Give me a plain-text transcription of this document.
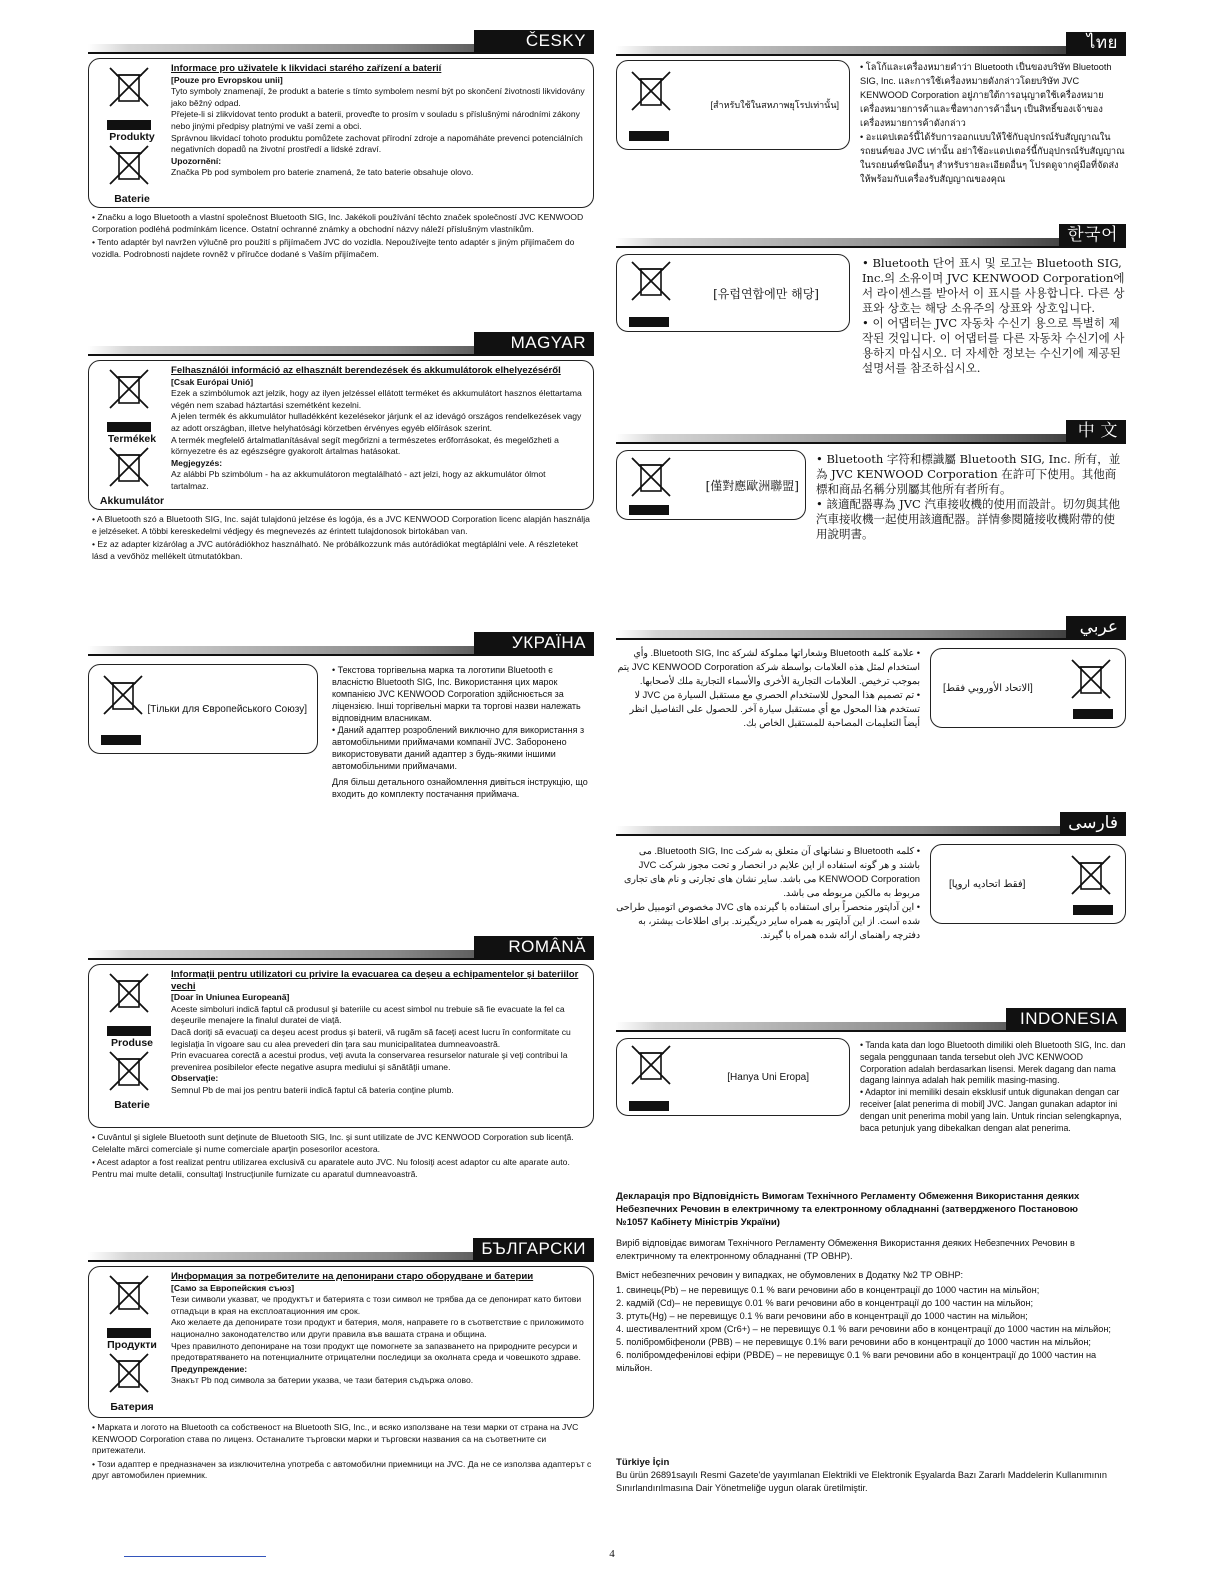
ČESKY
Produkty
Baterie
Informace pro uživatele k likvidaci starého zařízení a baterií
[Pouze pro Evropskou unii]
Tyto symboly znamenají, že produkt a baterie s tímto symbolem nesmí být po skončení životnosti likvidovány jako běžný odpad.
Přejete-li si zlikvidovat tento produkt a baterii, proveďte to prosím v souladu s příslušnými národními zákony nebo jinými předpisy platnými ve vaší zemi a obci.
Správnou likvidací tohoto produktu pomůžete zachovat přírodní zdroje a napomáháte prevenci potenciálních negativních dopadů na životní prostředí a lidské zdraví.
Upozornění:
Značka Pb pod symbolem pro baterie znamená, že tato baterie obsahuje olovo.
• Značku a logo Bluetooth a vlastní společnost Bluetooth SIG, Inc. Jakékoli používání těchto značek společností JVC KENWOOD Corporation podléhá podmínkám licence. Ostatní ochranné známky a obchodní názvy náleží příslušným vlastníkům.
• Tento adaptér byl navržen výlučně pro použití s přijímačem JVC do vozidla. Nepoužívejte tento adaptér s jiným přijímačem do vozidla. Podrobnosti najdete rovněž v příručce dodané s Vaším přijímačem.
MAGYAR
Termékek
Akkumulátor
Felhasználói információ az elhasznált berendezések és akkumulátorok elhelyezéséről
[Csak Európai Unió]
Ezek a szimbólumok azt jelzik, hogy az ilyen jelzéssel ellátott terméket és akkumulátort hasznos élettartama végén nem szabad háztartási szemétként kezelni.
A jelen termék és akkumulátor hulladékként kezelésekor járjunk el az idevágó országos rendelkezések vagy az adott országban, illetve helyhatósági körzetben érvényes egyéb előírások szerint.
A termék megfelelő ártalmatlanításával segít megőrizni a természetes erőforrásokat, és megelőzheti a környezetre és az egészségre gyakorolt ártalmas hatásokat.
Megjegyzés:
Az alábbi Pb szimbólum - ha az akkumulátoron megtalálható - azt jelzi, hogy az akkumulátor ólmot tartalmaz.
• A Bluetooth szó a Bluetooth SIG, Inc. saját tulajdonú jelzése és logója, és a JVC KENWOOD Corporation licenc alapján használja e jelzéseket. A többi kereskedelmi védjegy és megnevezés az érintett tulajdonosok birtokában van.
• Ez az adapter kizárólag a JVC autórádiókhoz használható. Ne próbálkozzunk más autórádiókat megtáplálni vele. A részleteket lásd a vevőhöz mellékelt útmutatókban.
УКРАЇНА
[Тільки для Європейського Союзу]
• Текстова торгівельна марка та логотипи Bluetooth є власністю Bluetooth SIG, Inc. Використання цих марок компанією JVC KENWOOD Corporation здійснюється за ліцензією. Інші торгівельні марки та торгові назви належать відповідним власникам.
• Даний адаптер розроблений виключно для використання з автомобільними приймачами компанії JVC. Заборонено використовувати даний адаптер з будь-якими іншими автомобільними приймачами.
Для більш детального ознайомлення дивіться інструкцію, що входить до комплекту постачання приймача.
ROMÂNĂ
Produse
Baterie
Informaţii pentru utilizatori cu privire la evacuarea ca deşeu a echipamentelor şi bateriilor vechi
[Doar în Uniunea Europeană]
Aceste simboluri indică faptul că produsul şi bateriile cu acest simbol nu trebuie să fie evacuate la fel ca deşeurile menajere la finalul duratei de viaţă.
Dacă doriţi să evacuaţi ca deşeu acest produs şi baterii, vă rugăm să faceţi acest lucru în conformitate cu legislaţia în vigoare sau cu alea prevederi din ţara sau municipalitatea dumneavoastră.
Prin evacuarea corectă a acestui produs, veţi avuta la conservarea resurselor naturale şi veţi contribui la prevenirea posibilelor efecte negative asupra mediului şi sănătăţii umane.
Observaţie:
Semnul Pb de mai jos pentru baterii indică faptul că bateria conţine plumb.
• Cuvântul şi siglele Bluetooth sunt deţinute de Bluetooth SIG, Inc. şi sunt utilizate de JVC KENWOOD Corporation sub licenţă. Celelalte mărci comerciale şi nume comerciale aparţin posesorilor acestora.
• Acest adaptor a fost realizat pentru utilizarea exclusivă cu aparatele auto JVC. Nu folosiţi acest adaptor cu alte aparate auto. Pentru mai multe detalii, consultaţi Instrucţiunile furnizate cu aparatul dumneavoastră.
БЪЛГАРСКИ
Продукти
Батерия
Информация за потребителите на депонирани старо оборудване и батерии
[Само за Европейския съюз]
Тези символи указват, че продуктът и батерията с този символ не трябва да се депонират като битови отпадъци в края на експлоатационния им срок.
Ако желаете да депонирате този продукт и батерия, моля, направете го в съответствие с приложимото национално законодателство или други правила във вашата страна и община.
Чрез правилното депониране на този продукт ще помогнете за запазването на природните ресурси и предотвратяването на потенциалните отрицателни последици за околната среда и човешкото здраве.
Предупреждение:
Знакът Pb под символа за батерии указва, че тази батерия съдържа олово.
• Марката и логото на Bluetooth са собственост на Bluetooth SIG, Inc., и всяко използване на тези марки от страна на JVC KENWOOD Corporation става по лиценз. Останалите търговски марки и търговски названия са на съответните си притежатели.
• Този адаптер е предназначен за изключителна употреба с автомобилни приемници на JVC. Да не се използва адаптерът с друг автомобилен приемник.
ไทย
[สำหรับใช้ในสหภาพยุโรปเท่านั้น]
• โลโก้และเครื่องหมายคำว่า Bluetooth เป็นของบริษัท Bluetooth SIG, Inc. และการใช้เครื่องหมายดังกล่าวโดยบริษัท JVC KENWOOD Corporation อยู่ภายใต้การอนุญาตใช้เครื่องหมาย เครื่องหมายการค้าและชื่อทางการค้าอื่นๆ เป็นสิทธิ์ของเจ้าของเครื่องหมายการค้าดังกล่าว
• อะแดปเตอร์นี้ได้รับการออกแบบให้ใช้กับอุปกรณ์รับสัญญาณในรถยนต์ของ JVC เท่านั้น อย่าใช้อะแดปเตอร์นี้กับอุปกรณ์รับสัญญาณในรถยนต์ชนิดอื่นๆ สำหรับรายละเอียดอื่นๆ โปรดดูจากคู่มือที่จัดส่งให้พร้อมกับเครื่องรับสัญญาณของคุณ
한국어
[유럽연합에만 해당]
• Bluetooth 단어 표시 및 로고는 Bluetooth SIG, Inc.의 소유이며 JVC KENWOOD Corporation에서 라이센스를 받아서 이 표시를 사용합니다. 다른 상표와 상호는 해당 소유주의 상표와 상호입니다.
• 이 어댑터는 JVC 자동차 수신기 용으로 특별히 제작된 것입니다. 이 어댑터를 다른 자동차 수신기에 사용하지 마십시오. 더 자세한 정보는 수신기에 제공된 설명서를 참조하십시오.
中 文
[僅對應歐洲聯盟]
• Bluetooth 字符和標識屬 Bluetooth SIG, Inc. 所有，並為 JVC KENWOOD Corporation 在許可下使用。其他商標和商品名稱分別屬其他所有者所有。
• 該適配器專為 JVC 汽車接收機的使用而設計。切勿與其他汽車接收機一起使用該適配器。詳情參閱隨接收機附帶的使用說明書。
عربي
• علامة كلمة Bluetooth وشعاراتها مملوكة لشركة Bluetooth SIG, Inc. وأي استخدام لمثل هذه العلامات بواسطة شركة JVC KENWOOD Corporation يتم بموجب ترخيص. العلامات التجارية الأخرى والأسماء التجارية ملك لأصحابها.
• تم تصميم هذا المحول للاستخدام الحصري مع مستقبل السيارة من JVC لا تستخدم هذا المحول مع أي مستقبل سيارة آخر. للحصول على التفاصيل انظر أيضاً التعليمات المصاحبة للمستقبل الخاص بك.
[الاتحاد الأوروبي فقط]
فارسی
• کلمه Bluetooth و نشانهای آن متعلق به شرکت Bluetooth SIG, Inc. می باشند و هر گونه استفاده از این علایم در انحصار و تحت مجوز شرکت JVC KENWOOD Corporation می باشد. سایر نشان های تجارتی و نام های تجاری مربوط به مالکین مربوطه می باشد.
• این آداپتور منحصراً برای استفاده با گیرنده های JVC مخصوص اتومبیل طراحی شده است. از این آداپتور به همراه سایر دریگیرند. برای اطلاعات بیشتر، به دفترچه راهنمای ارائه شده همراه با گیرند.
[فقط اتحادیه اروپا]
INDONESIA
[Hanya Uni Eropa]
• Tanda kata dan logo Bluetooth dimiliki oleh Bluetooth SIG, Inc. dan segala penggunaan tanda tersebut oleh JVC KENWOOD Corporation adalah berdasarkan lisensi. Merek dagang dan nama dagang lainnya adalah hak pemilik masing-masing.
• Adaptor ini memiliki desain eksklusif untuk digunakan dengan car receiver [alat penerima di mobil] JVC. Jangan gunakan adaptor ini dengan unit penerima mobil yang lain. Untuk rincian selengkapnya, baca petunjuk yang dibekalkan dengan alat penerima.
Декларація про Відповідність Вимогам Технічного Регламенту Обмеження Використання деяких Небезпечних Речовин в електричному та електронному обладнанні (затвердженого Постановою №1057 Кабінету Міністрів України)
Виріб відповідає вимогам Технічного Регламенту Обмеження Використання деяких Небезпечних Речовин в електричному та електронному обладнанні (ТР ОВНР).
Вміст небезпечних речовин у випадках, не обумовлених в Додатку №2 ТР ОВНР:
1. свинець(Pb) – не перевищує 0.1 % ваги речовини або в концентрації до 1000 частин на мільйон;
2. кадмій (Cd)– не перевищує 0.01 % ваги речовини або в концентрації до 100 частин на мільйон;
3. ртуть(Hg) – не перевищує 0.1 % ваги речовини або в концентрації до 1000 частин на мільйон;
4. шестивалентний хром (Cr6+) – не перевищує 0.1 % ваги речовини або в концентрації до 1000 частин на мільйон;
5. полібромбіфеноли (PBB) – не перевищує 0.1% ваги речовини або в концентрації до 1000 частин на мільйон;
6. полібромдефенілові ефіри (PBDE) – не перевищує 0.1 % ваги речовини або в концентрації до 1000 частин на мільйон.
Türkiye İçin
Bu ürün 26891sayılı Resmi Gazete'de yayımlanan Elektrikli ve Elektronik Eşyalarda Bazı Zararlı Maddelerin Kullanımının Sınırlandırılmasına Dair Yönetmeliğe uygun olarak üretilmiştir.
4
